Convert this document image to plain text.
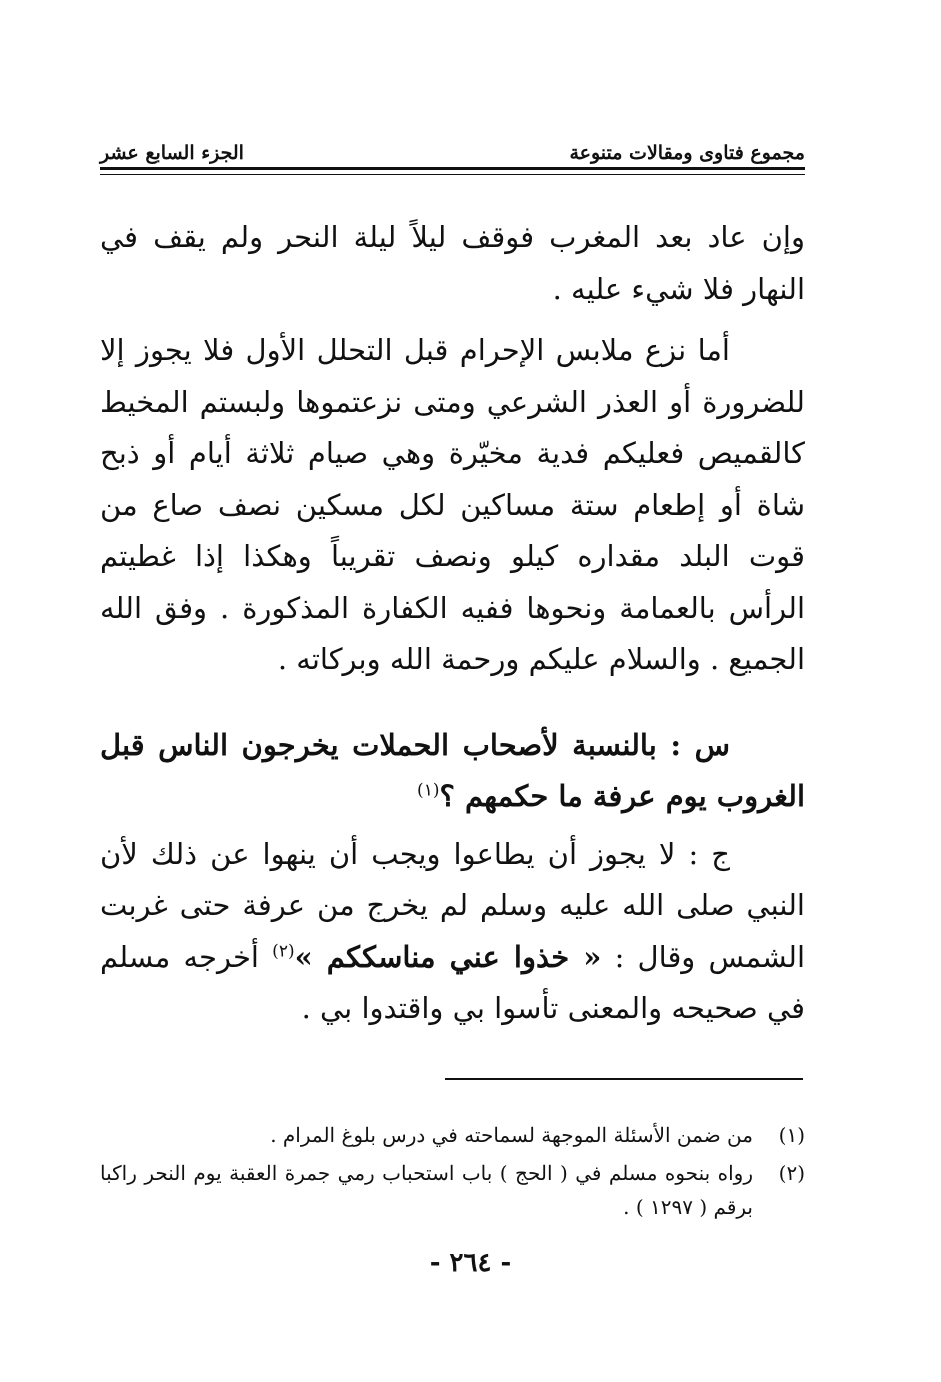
مجموع فتاوى ومقالات متنوعة
الجزء السابع عشر

وإن عاد بعد المغرب فوقف ليلاً ليلة النحر ولم يقف في النهار فلا شيء عليه .

أما نزع ملابس الإحرام قبل التحلل الأول فلا يجوز إلا للضرورة أو العذر الشرعي ومتى نزعتموها ولبستم المخيط كالقميص فعليكم فدية مخيّرة وهي صيام ثلاثة أيام أو ذبح شاة أو إطعام ستة مساكين لكل مسكين نصف صاع من قوت البلد مقداره كيلو ونصف تقريباً وهكذا إذا غطيتم الرأس بالعمامة ونحوها ففيه الكفارة المذكورة . وفق الله الجميع . والسلام عليكم ورحمة الله وبركاته .

س : بالنسبة لأصحاب الحملات يخرجون الناس قبل الغروب يوم عرفة ما حكمهم ؟$^{(١)}$

ج : لا يجوز أن يطاعوا ويجب أن ينهوا عن ذلك لأن النبي صلى الله عليه وسلم لم يخرج من عرفة حتى غربت الشمس وقال : « خذوا عني مناسككم »$^{(٢)}$ أخرجه مسلم في صحيحه والمعنى تأسوا بي واقتدوا بي .

(١)
من ضمن الأسئلة الموجهة لسماحته في درس بلوغ المرام .
(٢)
رواه بنحوه مسلم في ( الحج ) باب استحباب رمي جمرة العقبة يوم النحر راكبا برقم ( ١٢٩٧ ) .
- ٢٦٤ -
